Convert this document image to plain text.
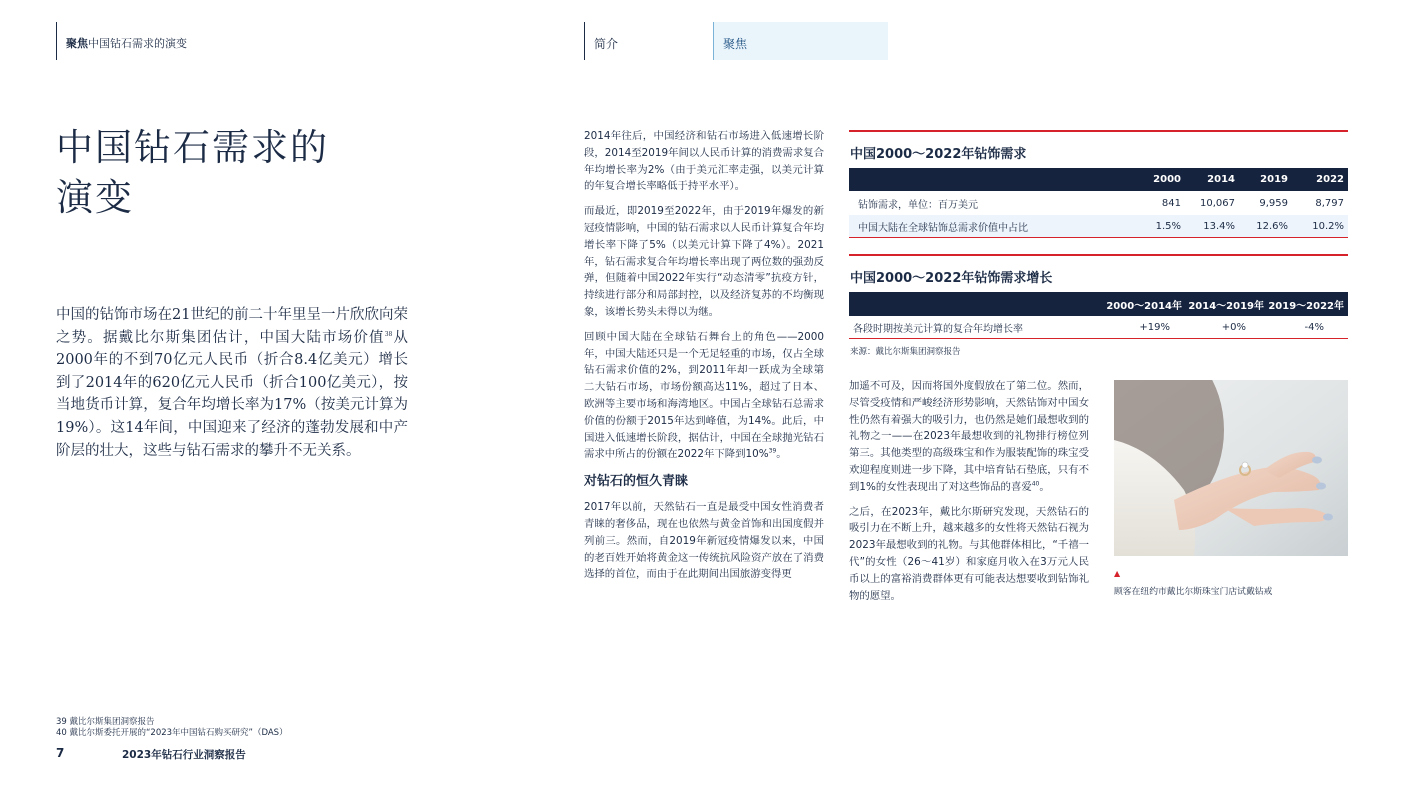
聚焦中国钻石需求的演变	简介	聚焦
中国钻石需求的
演变
中国的钻饰市场在21世纪的前二十年里呈一片欣欣向荣之势。据戴比尔斯集团估计，中国大陆市场价值$^{38}$从2000年的不到70亿元人民币（折合8.4亿美元）增长到了2014年的620亿元人民币（折合100亿美元），按当地货币计算，复合年均增长率为17%（按美元计算为19%）。这14年间，中国迎来了经济的蓬勃发展和中产阶层的壮大，这些与钻石需求的攀升不无关系。

2014年往后，中国经济和钻石市场进入低速增长阶段，2014至2019年间以人民币计算的消费需求复合年均增长率为2%（由于美元汇率走强，以美元计算的年复合增长率略低于持平水平）。

而最近，即2019至2022年，由于2019年爆发的新冠疫情影响，中国的钻石需求以人民币计算复合年均增长率下降了5%（以美元计算下降了4%）。2021年，钻石需求复合年均增长率出现了两位数的强劲反弹，但随着中国2022年实行“动态清零”抗疫方针，持续进行部分和局部封控，以及经济复苏的不均衡现象，该增长势头未得以为继。

回顾中国大陆在全球钻石舞台上的角色——2000年，中国大陆还只是一个无足轻重的市场，仅占全球钻石需求价值的2%，到2011年却一跃成为全球第二大钻石市场，市场份额高达11%，超过了日本、欧洲等主要市场和海湾地区。中国占全球钻石总需求价值的份额于2015年达到峰值，为14%。此后，中国进入低速增长阶段，据估计，中国在全球抛光钻石需求中所占的份额在2022年下降到10%$^{39}$。

对钻石的恒久青睐

2017年以前，天然钻石一直是最受中国女性消费者青睐的奢侈品，现在也依然与黄金首饰和出国度假并列前三。然而，自2019年新冠疫情爆发以来，中国的老百姓开始将黄金这一传统抗风险资产放在了消费选择的首位，而由于在此期间出国旅游变得更

中国2000～2022年钻饰需求
2000	2014	2019	2022
钻饰需求，单位：百万美元	841	10,067	9,959	8,797
中国大陆在全球钻饰总需求价值中占比	1.5%	13.4%	12.6%	10.2%
中国2000～2022年钻饰需求增长
2000～2014年 2014～2019年 2019～2022年
各段时期按美元计算的复合年均增长率	+19%	+0%	-4%
来源：戴比尔斯集团洞察报告

加遥不可及，因而将国外度假放在了第二位。然而，尽管受疫情和严峻经济形势影响，天然钻饰对中国女性仍然有着强大的吸引力，也仍然是她们最想收到的礼物之一——在2023年最想收到的礼物排行榜位列第三。其他类型的高级珠宝和作为服装配饰的珠宝受欢迎程度则进一步下降，其中培育钻石垫底，只有不到1%的女性表现出了对这些饰品的喜爱$^{40}$。

之后，在2023年，戴比尔斯研究发现，天然钻石的吸引力在不断上升，越来越多的女性将天然钻石视为2023年最想收到的礼物。与其他群体相比，“千禧一代”的女性（26～41岁）和家庭月收入在3万元人民币以上的富裕消费群体更有可能表达想要收到钻饰礼物的愿望。

▲
顾客在纽约市戴比尔斯珠宝门店试戴钻戒
39 戴比尔斯集团洞察报告
40 戴比尔斯委托开展的“2023年中国钻石购买研究”（DAS）
7	2023年钻石行业洞察报告
